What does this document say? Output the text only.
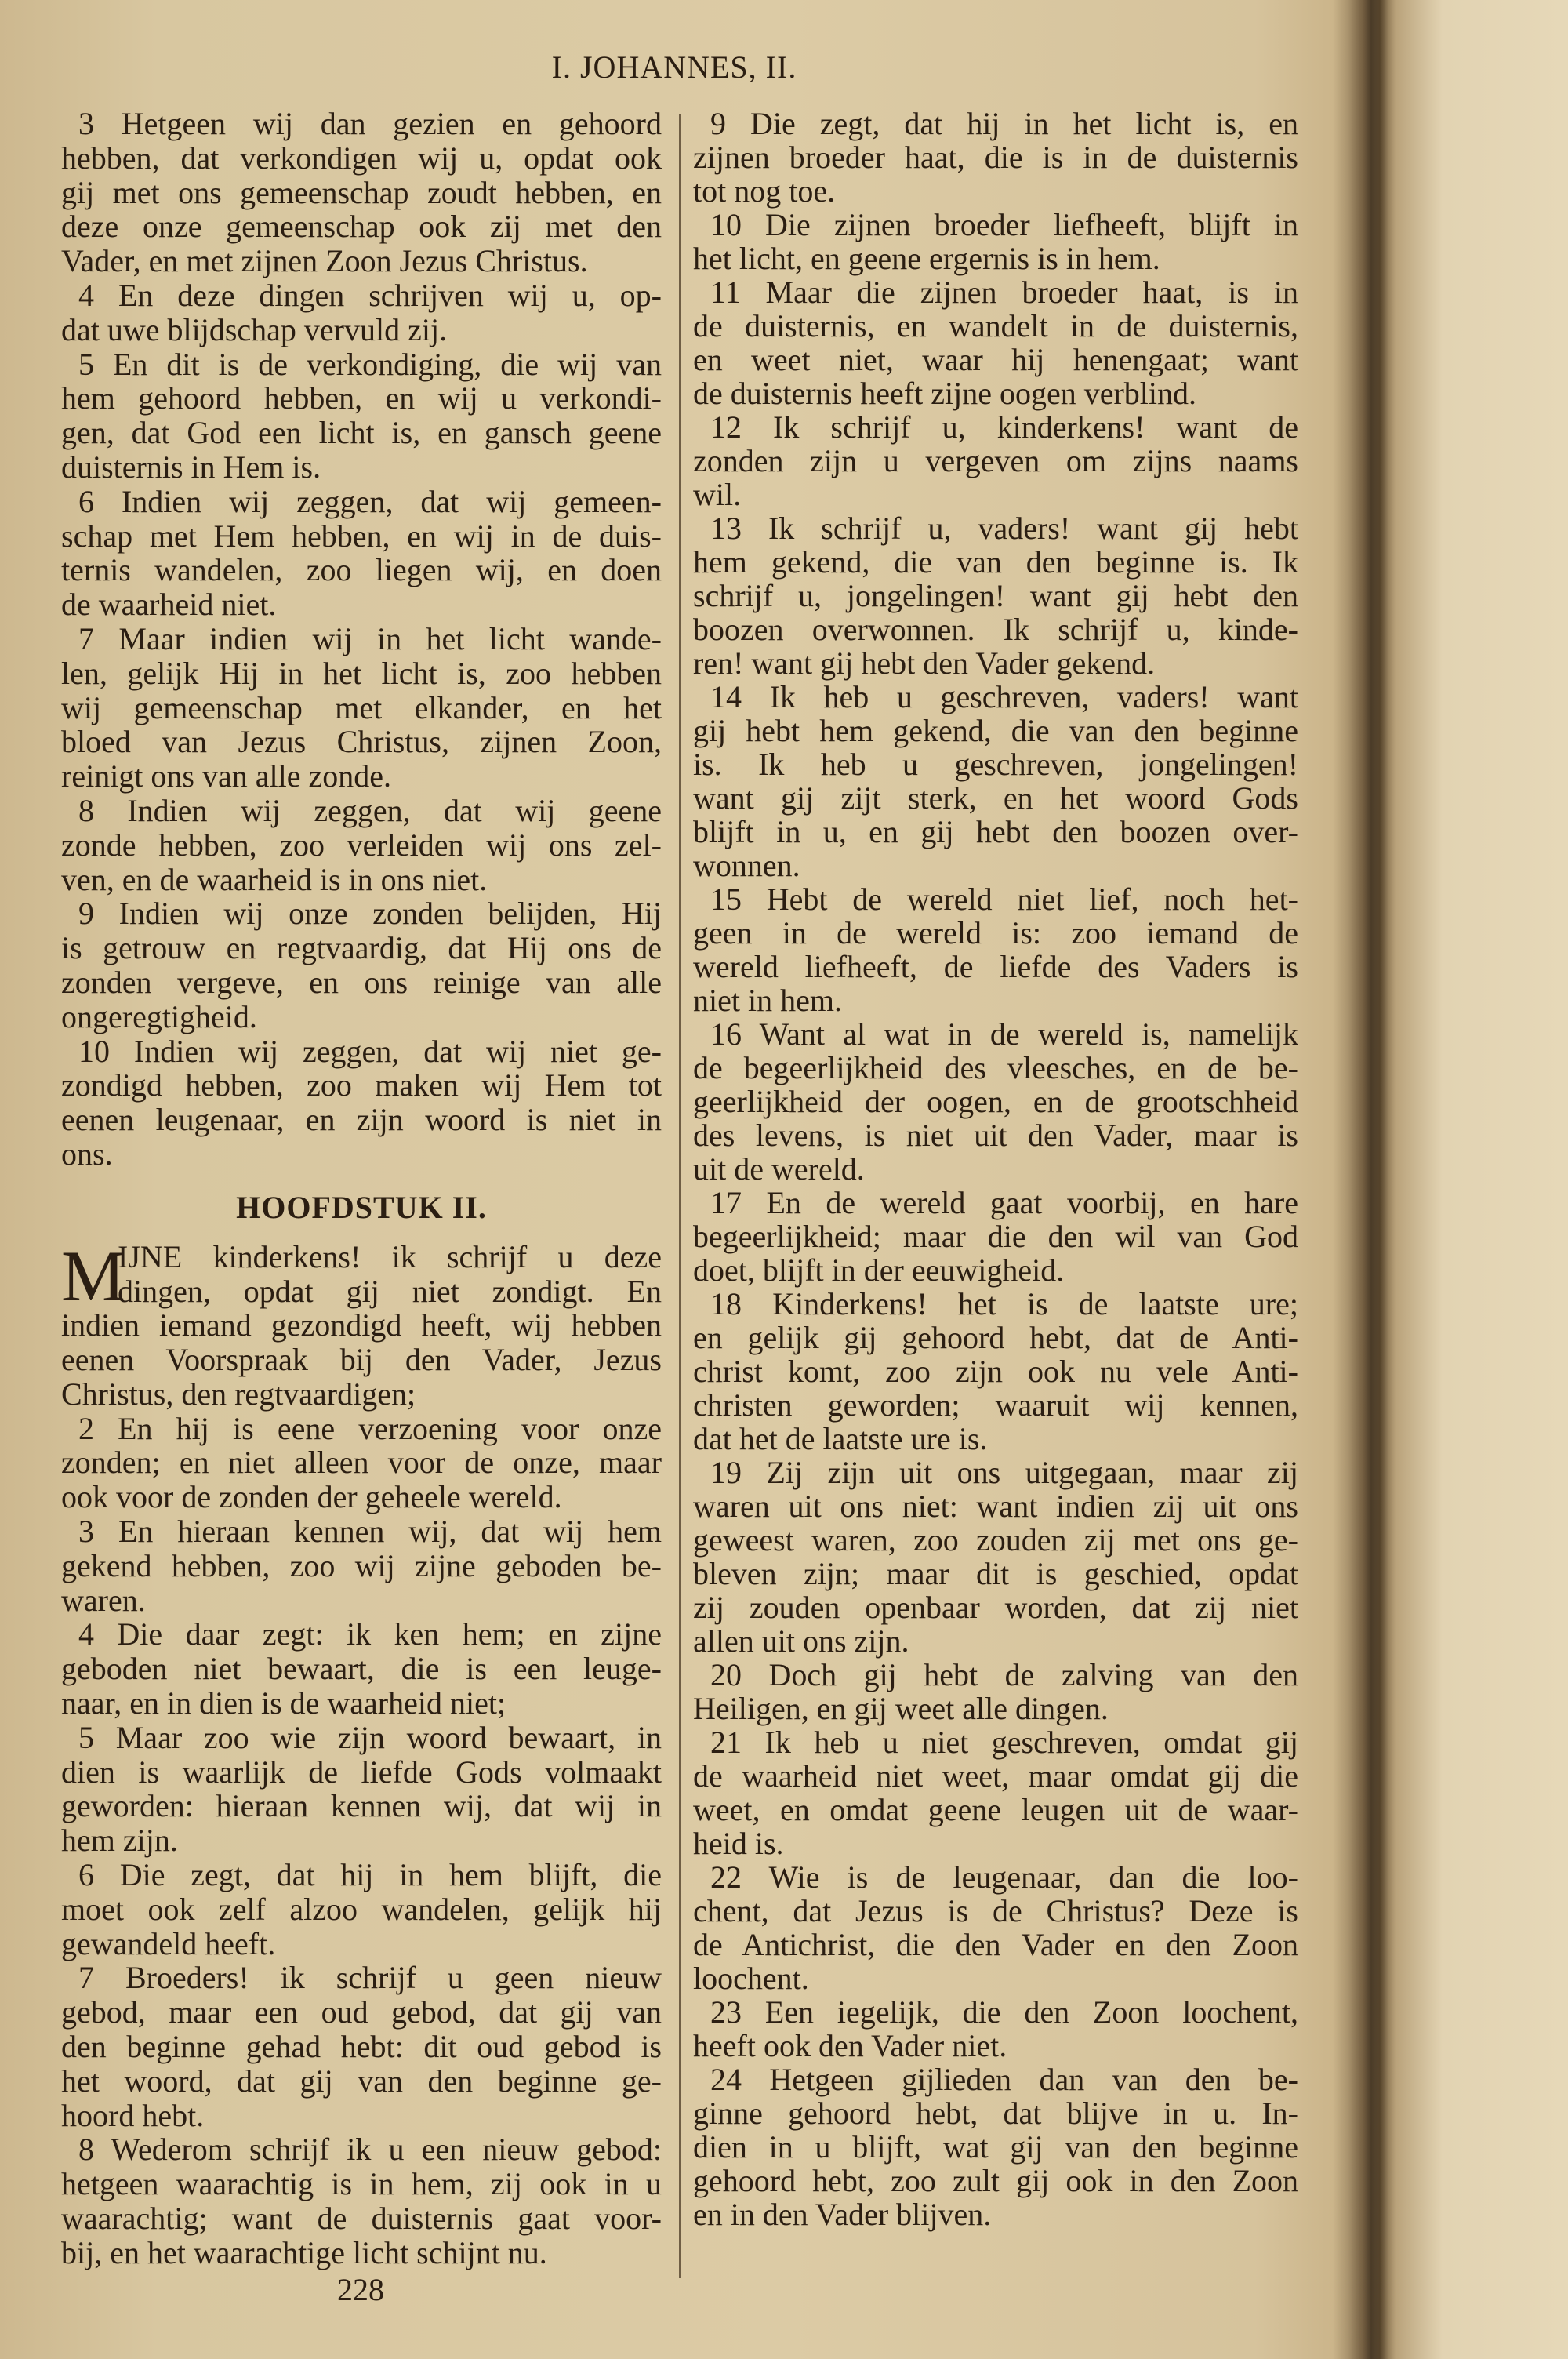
I. JOHANNES, II.
3 Hetgeen wij dan gezien en gehoord
hebben, dat verkondigen wij u, opdat ook
gij met ons gemeenschap zoudt hebben, en
deze onze gemeenschap ook zij met den
Vader, en met zijnen Zoon Jezus Christus.
4 En deze dingen schrijven wij u, op-
dat uwe blijdschap vervuld zij.
5 En dit is de verkondiging, die wij van
hem gehoord hebben, en wij u verkondi-
gen, dat God een licht is, en gansch geene
duisternis in Hem is.
6 Indien wij zeggen, dat wij gemeen-
schap met Hem hebben, en wij in de duis-
ternis wandelen, zoo liegen wij, en doen
de waarheid niet.
7 Maar indien wij in het licht wande-
len, gelijk Hij in het licht is, zoo hebben
wij gemeenschap met elkander, en het
bloed van Jezus Christus, zijnen Zoon,
reinigt ons van alle zonde.
8 Indien wij zeggen, dat wij geene
zonde hebben, zoo verleiden wij ons zel-
ven, en de waarheid is in ons niet.
9 Indien wij onze zonden belijden, Hij
is getrouw en regtvaardig, dat Hij ons de
zonden vergeve, en ons reinige van alle
ongeregtigheid.
10 Indien wij zeggen, dat wij niet ge-
zondigd hebben, zoo maken wij Hem tot
eenen leugenaar, en zijn woord is niet in
ons.
HOOFDSTUK II.
M
IJNE kinderkens! ik schrijf u deze
dingen, opdat gij niet zondigt. En
indien iemand gezondigd heeft, wij hebben
eenen Voorspraak bij den Vader, Jezus
Christus, den regtvaardigen;
2 En hij is eene verzoening voor onze
zonden; en niet alleen voor de onze, maar
ook voor de zonden der geheele wereld.
3 En hieraan kennen wij, dat wij hem
gekend hebben, zoo wij zijne geboden be-
waren.
4 Die daar zegt: ik ken hem; en zijne
geboden niet bewaart, die is een leuge-
naar, en in dien is de waarheid niet;
5 Maar zoo wie zijn woord bewaart, in
dien is waarlijk de liefde Gods volmaakt
geworden: hieraan kennen wij, dat wij in
hem zijn.
6 Die zegt, dat hij in hem blijft, die
moet ook zelf alzoo wandelen, gelijk hij
gewandeld heeft.
7 Broeders! ik schrijf u geen nieuw
gebod, maar een oud gebod, dat gij van
den beginne gehad hebt: dit oud gebod is
het woord, dat gij van den beginne ge-
hoord hebt.
8 Wederom schrijf ik u een nieuw gebod:
hetgeen waarachtig is in hem, zij ook in u
waarachtig; want de duisternis gaat voor-
bij, en het waarachtige licht schijnt nu.
9 Die zegt, dat hij in het licht is, en
zijnen broeder haat, die is in de duisternis
tot nog toe.
10 Die zijnen broeder liefheeft, blijft in
het licht, en geene ergernis is in hem.
11 Maar die zijnen broeder haat, is in
de duisternis, en wandelt in de duisternis,
en weet niet, waar hij henengaat; want
de duisternis heeft zijne oogen verblind.
12 Ik schrijf u, kinderkens! want de
zonden zijn u vergeven om zijns naams
wil.
13 Ik schrijf u, vaders! want gij hebt
hem gekend, die van den beginne is. Ik
schrijf u, jongelingen! want gij hebt den
boozen overwonnen. Ik schrijf u, kinde-
ren! want gij hebt den Vader gekend.
14 Ik heb u geschreven, vaders! want
gij hebt hem gekend, die van den beginne
is. Ik heb u geschreven, jongelingen!
want gij zijt sterk, en het woord Gods
blijft in u, en gij hebt den boozen over-
wonnen.
15 Hebt de wereld niet lief, noch het-
geen in de wereld is: zoo iemand de
wereld liefheeft, de liefde des Vaders is
niet in hem.
16 Want al wat in de wereld is, namelijk
de begeerlijkheid des vleesches, en de be-
geerlijkheid der oogen, en de grootschheid
des levens, is niet uit den Vader, maar is
uit de wereld.
17 En de wereld gaat voorbij, en hare
begeerlijkheid; maar die den wil van God
doet, blijft in der eeuwigheid.
18 Kinderkens! het is de laatste ure;
en gelijk gij gehoord hebt, dat de Anti-
christ komt, zoo zijn ook nu vele Anti-
christen geworden; waaruit wij kennen,
dat het de laatste ure is.
19 Zij zijn uit ons uitgegaan, maar zij
waren uit ons niet: want indien zij uit ons
geweest waren, zoo zouden zij met ons ge-
bleven zijn; maar dit is geschied, opdat
zij zouden openbaar worden, dat zij niet
allen uit ons zijn.
20 Doch gij hebt de zalving van den
Heiligen, en gij weet alle dingen.
21 Ik heb u niet geschreven, omdat gij
de waarheid niet weet, maar omdat gij die
weet, en omdat geene leugen uit de waar-
heid is.
22 Wie is de leugenaar, dan die loo-
chent, dat Jezus is de Christus? Deze is
de Antichrist, die den Vader en den Zoon
loochent.
23 Een iegelijk, die den Zoon loochent,
heeft ook den Vader niet.
24 Hetgeen gijlieden dan van den be-
ginne gehoord hebt, dat blijve in u. In-
dien in u blijft, wat gij van den beginne
gehoord hebt, zoo zult gij ook in den Zoon
en in den Vader blijven.
228
